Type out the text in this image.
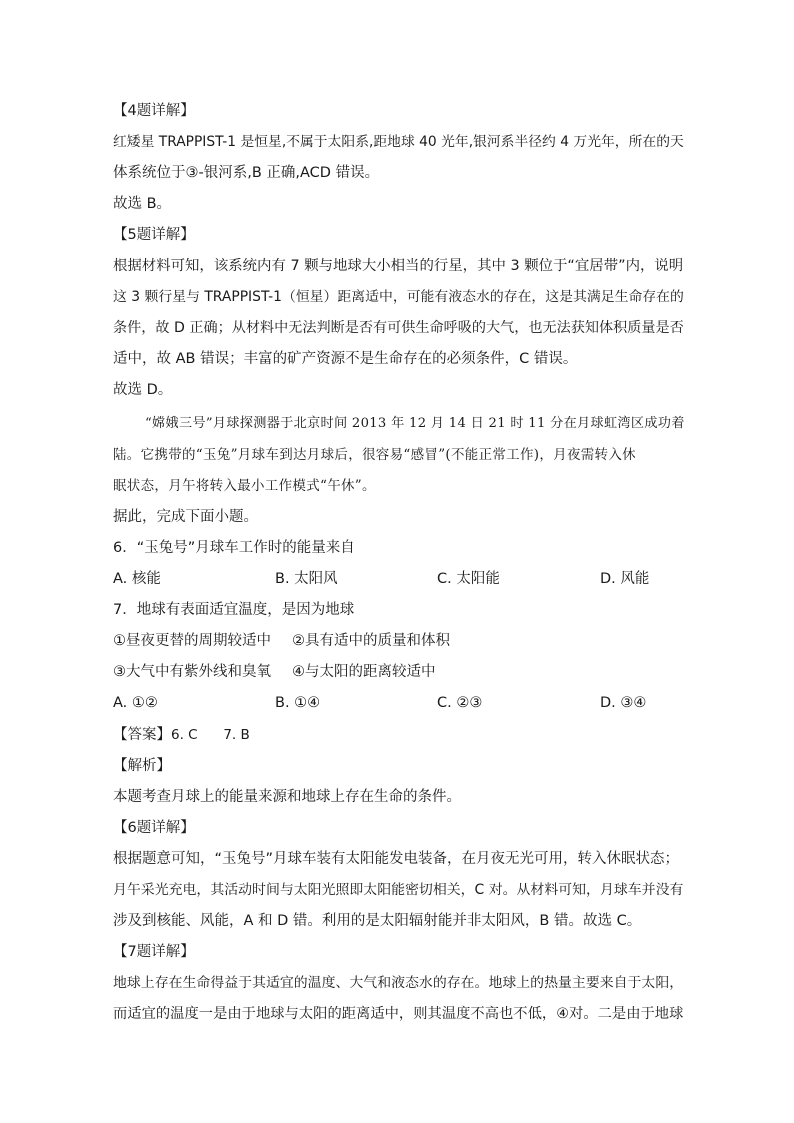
【4题详解】
红矮星 TRAPPIST-1 是恒星,不属于太阳系,距地球 40 光年,银河系半径约 4 万光年，所在的天
体系统位于③-银河系,B 正确,ACD 错误。
故选 B。
【5题详解】
根据材料可知，该系统内有 7 颗与地球大小相当的行星，其中 3 颗位于“宜居带”内，说明
这 3 颗行星与 TRAPPIST-1（恒星）距离适中，可能有液态水的存在，这是其满足生命存在的
条件，故 D 正确；从材料中无法判断是否有可供生命呼吸的大气，也无法获知体积质量是否
适中，故 AB 错误；丰富的矿产资源不是生命存在的必须条件，C 错误。
故选 D。
“嫦娥三号”月球探测器于北京时间 2013 年 12 月 14 日 21 时 11 分在月球虹湾区成功着
陆。它携带的“玉兔”月球车到达月球后，很容易“感冒”(不能正常工作)，月夜需转入休
眠状态，月午将转入最小工作模式“午休”。
据此，完成下面小题。
6．“玉兔号”月球车工作时的能量来自
A. 核能	B. 太阳风	C. 太阳能	D. 风能
7．地球有表面适宜温度，是因为地球
①昼夜更替的周期较适中 ②具有适中的质量和体积
③大气中有紫外线和臭氧 ④与太阳的距离较适中
A. ①②	B. ①④	C. ②③	D. ③④
【答案】6. C      7. B
【解析】
本题考查月球上的能量来源和地球上存在生命的条件。
【6题详解】
根据题意可知，“玉兔号”月球车装有太阳能发电装备，在月夜无光可用，转入休眠状态；
月午采光充电，其活动时间与太阳光照即太阳能密切相关，C 对。从材料可知，月球车并没有
涉及到核能、风能，A 和 D 错。利用的是太阳辐射能并非太阳风，B 错。故选 C。
【7题详解】
地球上存在生命得益于其适宜的温度、大气和液态水的存在。地球上的热量主要来自于太阳，
而适宜的温度一是由于地球与太阳的距离适中，则其温度不高也不低，④对。二是由于地球
